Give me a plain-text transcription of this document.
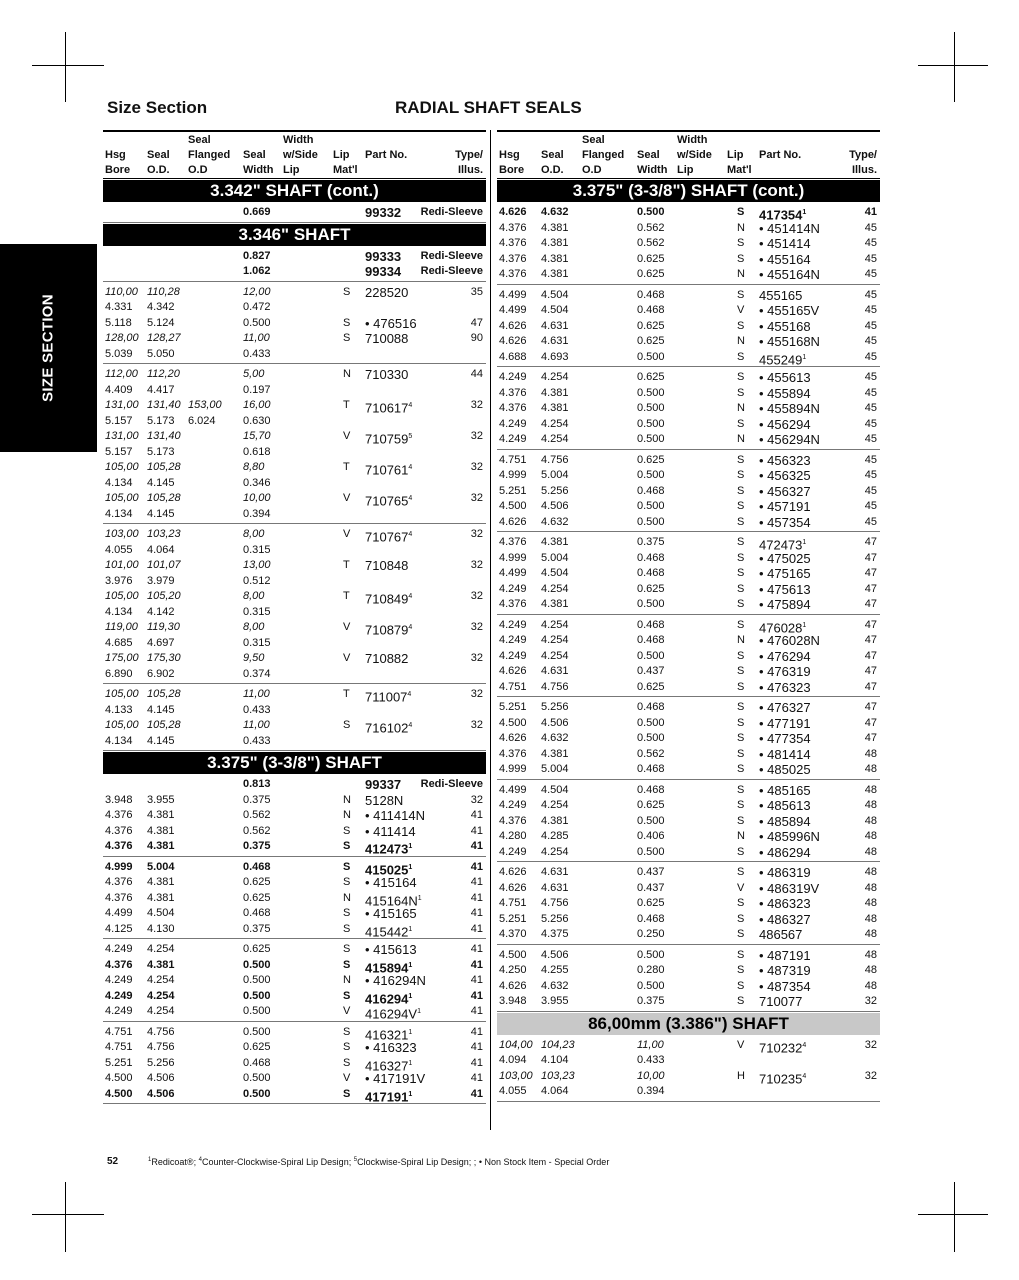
Size Section	RADIAL SHAFT SEALS
SIZE SECTION
Seal	Width
Hsg Seal Flanged Seal w/Side Lip Part No.	Type/
Bore O.D. O.D	Width Lip	Mat'l	Illus.
3.342" SHAFT (cont.)
0.669	99332 Redi-Sleeve
3.346" SHAFT
0.827	99333 Redi-Sleeve
1.062	99334 Redi-Sleeve
110,00 110,28	12,00	S 228520	35
4.331 4.342	0.472
5.118 5.124	0.500	S • 476516	47
128,00 128,27	11,00	S 710088	90
5.039 5.050	0.433
112,00 112,20	5,00	N 710330	44
4.409 4.417	0.197
131,00 131,40 153,00 16,00	T 710617$^4$	32
5.157 5.173 6.024 0.630
131,00 131,40	15,70	V 710759$^5$	32
5.157 5.173	0.618
105,00 105,28	8,80	T 710761$^4$	32
4.134 4.145	0.346
105,00 105,28	10,00	V 710765$^4$	32
4.134 4.145	0.394
103,00 103,23	8,00	V 710767$^4$	32
4.055 4.064	0.315
101,00 101,07	13,00	T 710848	32
3.976 3.979	0.512
105,00 105,20	8,00	T 710849$^4$	32
4.134 4.142	0.315
119,00 119,30	8,00	V 710879$^4$	32
4.685 4.697	0.315
175,00 175,30	9,50	V 710882	32
6.890 6.902	0.374
105,00 105,28	11,00	T 711007$^4$	32
4.133 4.145	0.433
105,00 105,28	11,00	S 716102$^4$	32
4.134 4.145	0.433
3.375" (3-3/8") SHAFT
0.813	99337 Redi-Sleeve
3.948 3.955	0.375	N 5128N	32
4.376 4.381	0.562	N • 411414N	41
4.376 4.381	0.562	S • 411414	41
4.376 4.381	0.375	S 412473$^1$	41
4.999 5.004	0.468	S 415025$^1$	41
4.376 4.381	0.625	S • 415164	41
4.376 4.381	0.625	N $415164N^1$	41
4.499 4.504	0.468	S • 415165	41
4.125 4.130	0.375	S 415442$^1$	41
4.249 4.254	0.625	S • 415613	41
4.376 4.381	0.500	S 415894$^1$	41
4.249 4.254	0.500	N • 416294N	41
4.249 4.254	0.500	S 416294$^1$	41
4.249 4.254	0.500	V $416294V^1$	41
4.751 4.756	0.500	S 416321$^1$	41
4.751 4.756	0.625	S • 416323	41
5.251 5.256	0.468	S 416327$^1$	41
4.500 4.506	0.500	V • 417191V	41
4.500 4.506	0.500	S 417191$^1$	41
Seal	Width
Hsg Seal Flanged Seal w/Side Lip Part No.	Type/
Bore O.D. O.D	Width Lip	Mat'l	Illus.
3.375" (3-3/8") SHAFT (cont.)
4.626 4.632	0.500	S 417354$^1$	41
4.376 4.381	0.562	N • 451414N	45
4.376 4.381	0.562	S • 451414	45
4.376 4.381	0.625	S • 455164	45
4.376 4.381	0.625	N • 455164N	45
4.499 4.504	0.468	S 455165	45
4.499 4.504	0.468	V • 455165V	45
4.626 4.631	0.625	S • 455168	45
4.626 4.631	0.625	N • 455168N	45
4.688 4.693	0.500	S 455249$^1$	45
4.249 4.254	0.625	S • 455613	45
4.376 4.381	0.500	S • 455894	45
4.376 4.381	0.500	N • 455894N	45
4.249 4.254	0.500	S • 456294	45
4.249 4.254	0.500	N • 456294N	45
4.751 4.756	0.625	S • 456323	45
4.999 5.004	0.500	S • 456325	45
5.251 5.256	0.468	S • 456327	45
4.500 4.506	0.500	S • 457191	45
4.626 4.632	0.500	S • 457354	45
4.376 4.381	0.375	S 472473$^1$	47
4.999 5.004	0.468	S • 475025	47
4.499 4.504	0.468	S • 475165	47
4.249 4.254	0.625	S • 475613	47
4.376 4.381	0.500	S • 475894	47
4.249 4.254	0.468	S 476028$^1$	47
4.249 4.254	0.468	N • 476028N	47
4.249 4.254	0.500	S • 476294	47
4.626 4.631	0.437	S • 476319	47
4.751 4.756	0.625	S • 476323	47
5.251 5.256	0.468	S • 476327	47
4.500 4.506	0.500	S • 477191	47
4.626 4.632	0.500	S • 477354	47
4.376 4.381	0.562	S • 481414	48
4.999 5.004	0.468	S • 485025	48
4.499 4.504	0.468	S • 485165	48
4.249 4.254	0.625	S • 485613	48
4.376 4.381	0.500	S • 485894	48
4.280 4.285	0.406	N • 485996N	48
4.249 4.254	0.500	S • 486294	48
4.626 4.631	0.437	S • 486319	48
4.626 4.631	0.437	V • 486319V	48
4.751 4.756	0.625	S • 486323	48
5.251 5.256	0.468	S • 486327	48
4.370 4.375	0.250	S 486567	48
4.500 4.506	0.500	S • 487191	48
4.250 4.255	0.280	S • 487319	48
4.626 4.632	0.500	S • 487354	48
3.948 3.955	0.375	S 710077	32
86,00mm (3.386") SHAFT
104,00 104,23	11,00	V 710232$^4$	32
4.094 4.104	0.433
103,00 103,23	10,00	H 710235$^4$	32
4.055 4.064	0.394
52	$^1$Redicoat®; $^4$Counter-Clockwise-Spiral Lip Design; $^5$Clockwise-Spiral Lip Design; ; • Non Stock Item - Special Order
